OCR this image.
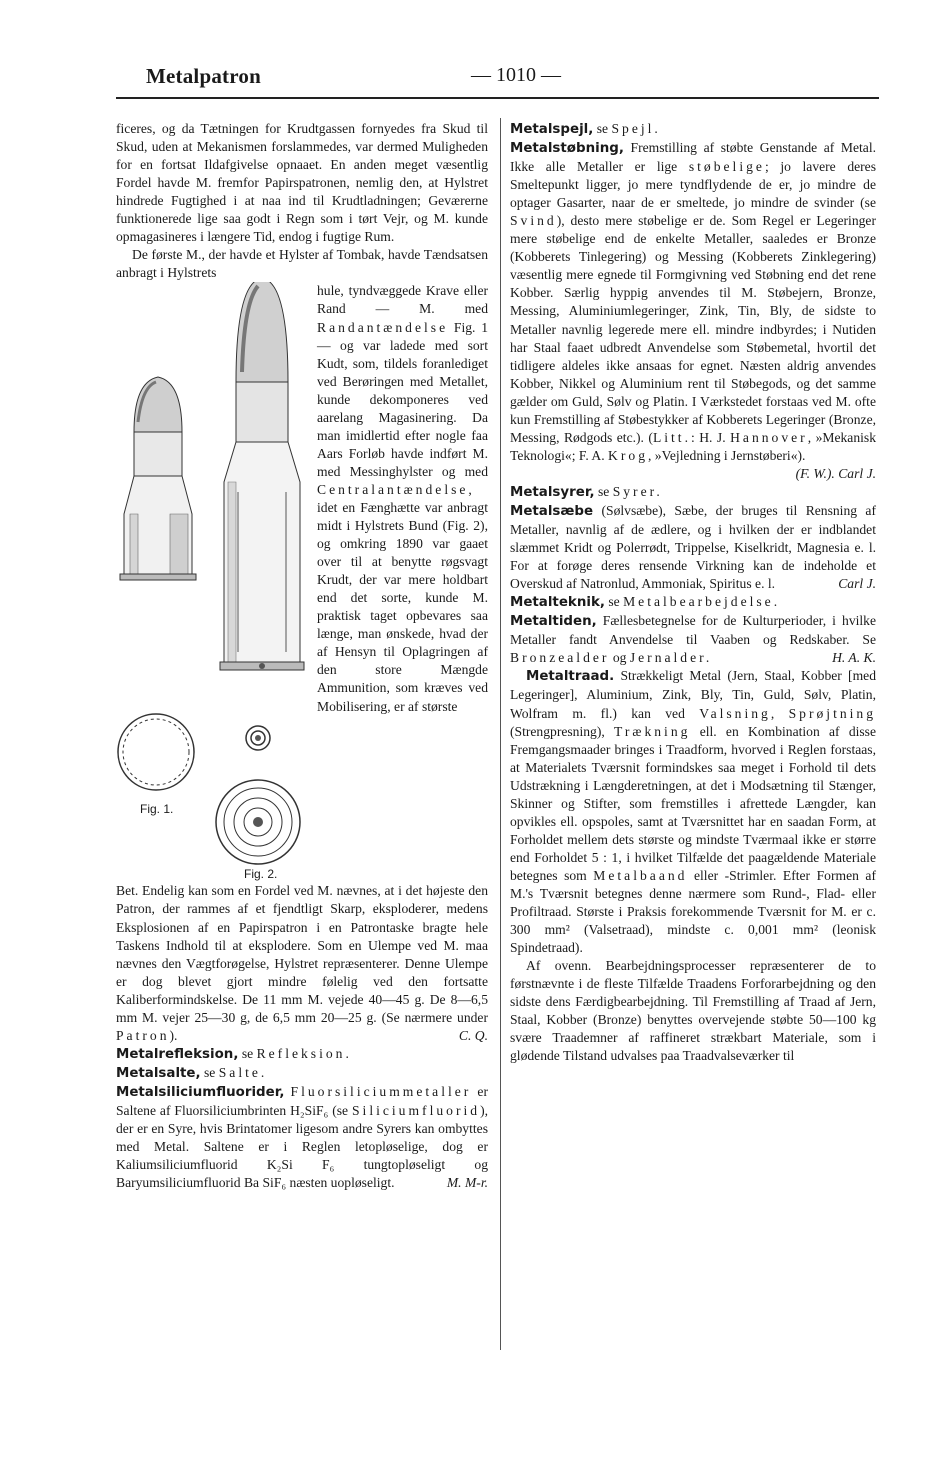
Metalpatron	— 1010 —

ficeres, og da Tætningen for Krudtgassen fornyedes fra Skud til Skud, uden at Mekanismen forslammedes, var dermed Muligheden for en fortsat Ildafgivelse opnaaet. En anden meget væsentlig Fordel havde M. fremfor Papirspatronen, nemlig den, at Hylstret hindrede Fugtighed i at naa ind til Krudtladningen; Geværerne funktionerede lige saa godt i Regn som i tørt Vejr, og M. kunde opmagasineres i længere Tid, endog i fugtige Rum.

De første M., der havde et Hylster af Tombak, havde Tændsatsen anbragt i Hylstrets

Fig. 1.
Fig. 2.

hule, tyndvæggede Krave eller Rand — M. med Randantændelse Fig. 1 — og var ladede med sort Kudt, som, tildels foranlediget ved Berøringen med Metallet, kunde dekomponeres ved aarelang Magasinering. Da man imidlertid efter nogle faa Aars Forløb havde indført M. med Messinghylster og med Centralantændelse, idet en Fænghætte var anbragt midt i Hylstrets Bund (Fig. 2), og omkring 1890 var gaaet over til at benytte røgsvagt Krudt, der var mere holdbart end det sorte, kunde M. praktisk taget opbevares saa længe, man ønskede, hvad der af Hensyn til Oplagringen af den store Mængde Ammunition, som kræves ved Mobilisering, er af største

Bet. Endelig kan som en Fordel ved M. nævnes, at i det højeste den Patron, der rammes af et fjendtligt Skarp, eksploderer, medens Eksplosionen af en Papirspatron i en Patrontaske bragte hele Taskens Indhold til at eksplodere. Som en Ulempe ved M. maa nævnes den Vægtforøgelse, Hylstret repræsenterer. Denne Ulempe er dog blevet gjort mindre følelig ved den fortsatte Kaliberformindskelse. De 11 mm M. vejede 40—45 g. De 8—6,5 mm M. vejer 25—30 g, de 6,5 mm 20—25 g. (Se nærmere under Patron).	C. Q.

Metalrefleksion, se Refleksion.

Metalsalte, se Salte.

Metalsiliciumfluorider, Fluorsiliciummetaller er Saltene af Fluorsiliciumbrinten H₂SiF₆ (se Siliciumfluorid), der er en Syre, hvis Brintatomer ligesom andre Syrers kan ombyttes med Metal. Saltene er i Reglen letopløselige, dog er Kaliumsiliciumfluorid K₂Si F₆ tungtopløseligt og Baryumsiliciumfluorid Ba SiF₆ næsten uopløseligt.	M. M-r.

Metalspejl, se Spejl.

Metalstøbning, Fremstilling af støbte Genstande af Metal. Ikke alle Metaller er lige støbelige; jo lavere deres Smeltepunkt ligger, jo mere tyndflydende de er, jo mindre de optager Gasarter, naar de er smeltede, jo mindre de svinder (se Svind), desto mere støbelige er de. Som Regel er Legeringer mere støbelige end de enkelte Metaller, saaledes er Bronze (Kobberets Tinlegering) og Messing (Kobberets Zinklegering) væsentlig mere egnede til Formgivning ved Støbning end det rene Kobber. Særlig hyppig anvendes til M. Støbejern, Bronze, Messing, Aluminiumlegeringer, Zink, Tin, Bly, de sidste to Metaller navnlig legerede mere ell. mindre indbyrdes; i Nutiden har Staal faaet udbredt Anvendelse som Støbemetal, hvortil det tidligere aldeles ikke ansaas for egnet. Næsten aldrig anvendes Kobber, Nikkel og Aluminium rent til Støbegods, og det samme gælder om Guld, Sølv og Platin. I Værkstedet forstaas ved M. ofte kun Fremstilling af Støbestykker af Kobberets Legeringer (Bronze, Messing, Rødgods etc.). (Litt.: H. J. Hannover, »Mekanisk Teknologi«; F. A. Krog, »Vejledning i Jernstøberi«).
(F. W.). Carl J.

Metalsyrer, se Syrer.

Metalsæbe (Sølvsæbe), Sæbe, der bruges til Rensning af Metaller, navnlig af de ædlere, og i hvilken der er indblandet slæmmet Kridt og Polerrødt, Trippelse, Kiselkridt, Magnesia e. l. For at forøge deres rensende Virkning kan de indeholde et Overskud af Natronlud, Ammoniak, Spiritus e. l.	Carl J.

Metalteknik, se Metalbearbejdelse.

Metaltiden, Fællesbetegnelse for de Kulturperioder, i hvilke Metaller fandt Anvendelse til Vaaben og Redskaber. Se Bronzealder og Jernalder.	H. A. K.

Metaltraad. Strækkeligt Metal (Jern, Staal, Kobber [med Legeringer], Aluminium, Zink, Bly, Tin, Guld, Sølv, Platin, Wolfram m. fl.) kan ved Valsning, Sprøjtning (Strengpresning), Trækning ell. en Kombination af disse Fremgangsmaader bringes i Traadform, hvorved i Reglen forstaas, at Materialets Tværsnit formindskes saa meget i Forhold til dets Udstrækning i Længderetningen, at det i Modsætning til Stænger, Skinner og Stifter, som fremstilles i afrettede Længder, kan opvikles ell. opspoles, samt at Tværsnittet har en saadan Form, at Forholdet mellem dets største og mindste Tværmaal ikke er større end Forholdet 5 : 1, i hvilket Tilfælde det paagældende Materiale betegnes som Metalbaand eller -Strimler. Efter Formen af M.'s Tværsnit betegnes denne nærmere som Rund-, Flad- eller Profiltraad. Største i Praksis forekommende Tværsnit for M. er c. 300 mm² (Valsetraad), mindste c. 0,001 mm² (leonisk Spindetraad).

Af ovenn. Bearbejdningsprocesser repræsenterer de to førstnævnte i de fleste Tilfælde Traadens Forforarbejdning og den sidste dens Færdigbearbejdning. Til Fremstilling af Traad af Jern, Staal, Kobber (Bronze) benyttes overvejende støbte 50—100 kg svære Traademner af raffineret strækbart Materiale, som i glødende Tilstand udvalses paa Traadvalseværker til
